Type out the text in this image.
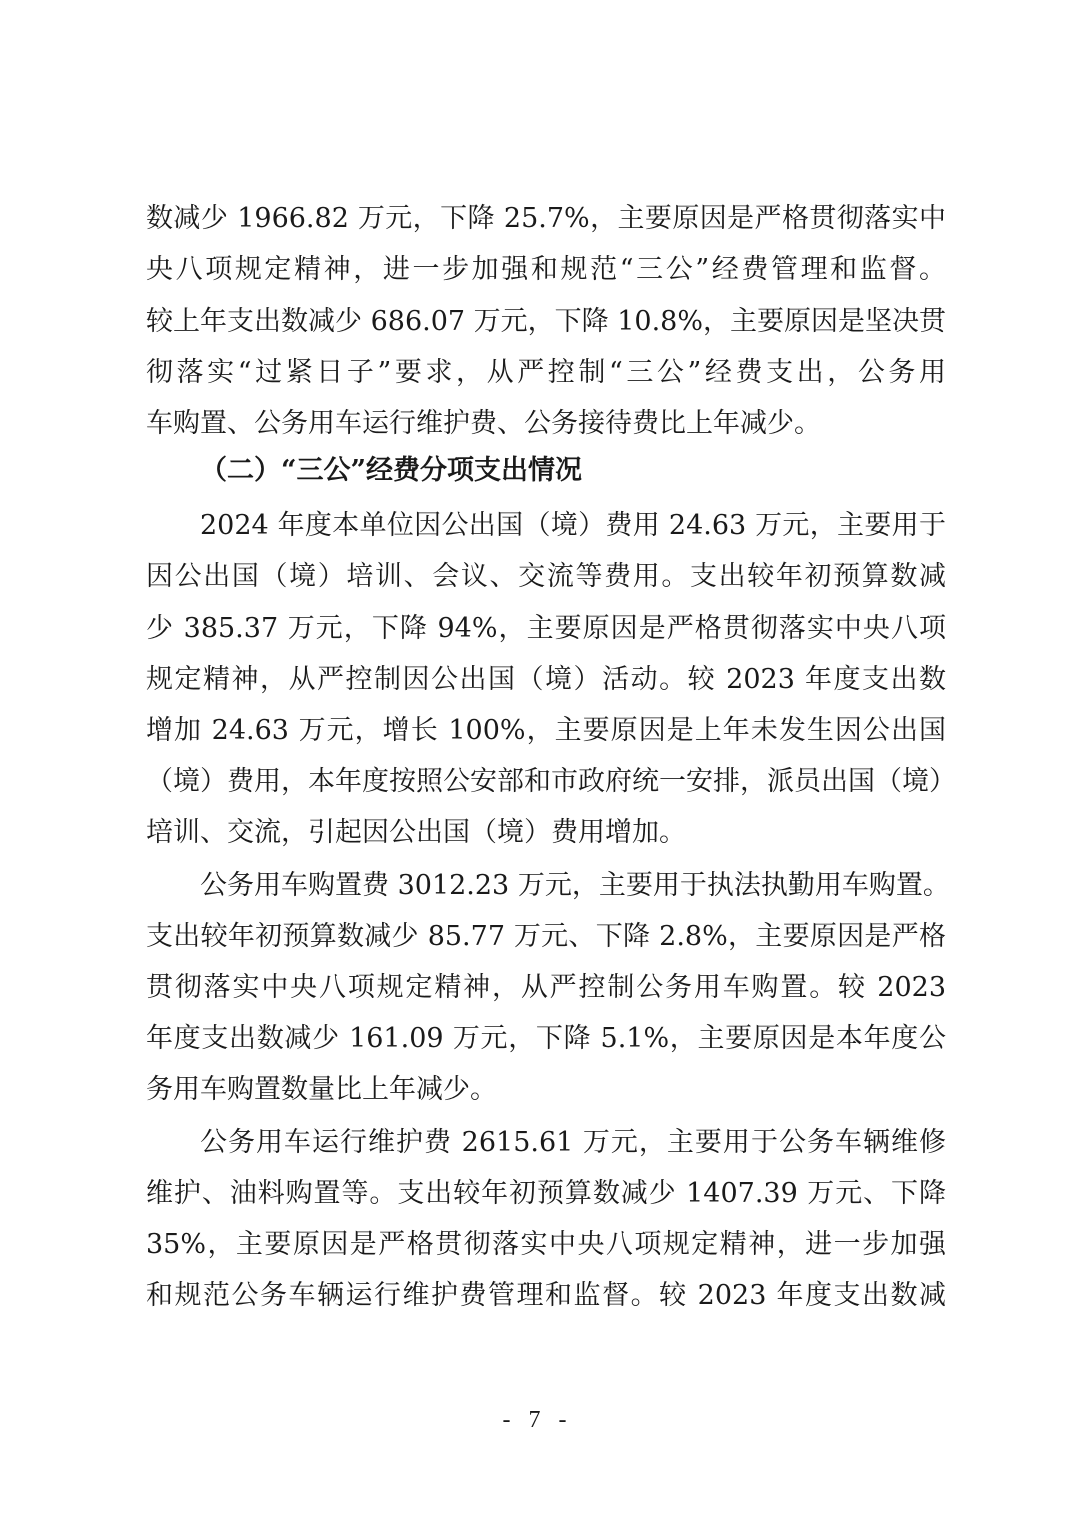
数减少 1966.82 万元，下降 25.7%，主要原因是严格贯彻落实中
央八项规定精神，进一步加强和规范“三公”经费管理和监督。
较上年支出数减少 686.07 万元，下降 10.8%，主要原因是坚决贯
彻落实“过紧日子”要求，从严控制“三公”经费支出，公务用
车购置、公务用车运行维护费、公务接待费比上年减少。
（二）“三公”经费分项支出情况
2024 年度本单位因公出国（境）费用 24.63 万元，主要用于
因公出国（境）培训、会议、交流等费用。支出较年初预算数减
少 385.37 万元，下降 94%，主要原因是严格贯彻落实中央八项
规定精神，从严控制因公出国（境）活动。较 2023 年度支出数
增加 24.63 万元，增长 100%，主要原因是上年未发生因公出国
（境）费用，本年度按照公安部和市政府统一安排，派员出国（境）
培训、交流，引起因公出国（境）费用增加。
公务用车购置费 3012.23 万元，主要用于执法执勤用车购置。
支出较年初预算数减少 85.77 万元、下降 2.8%，主要原因是严格
贯彻落实中央八项规定精神，从严控制公务用车购置。较 2023
年度支出数减少 161.09 万元，下降 5.1%，主要原因是本年度公
务用车购置数量比上年减少。
公务用车运行维护费 2615.61 万元，主要用于公务车辆维修
维护、油料购置等。支出较年初预算数减少 1407.39 万元、下降
35%，主要原因是严格贯彻落实中央八项规定精神，进一步加强
和规范公务车辆运行维护费管理和监督。较 2023 年度支出数减
- 7 -
